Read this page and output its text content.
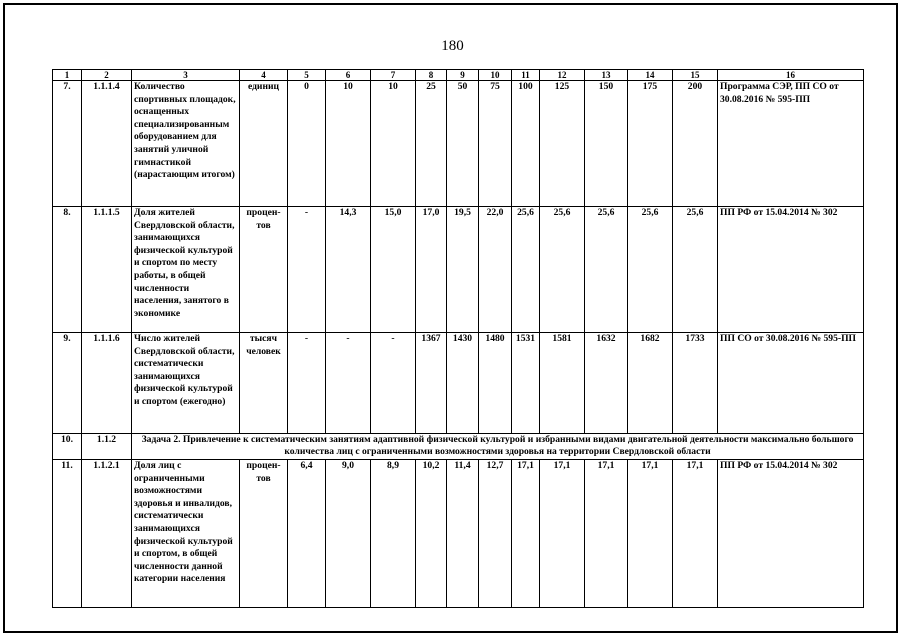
180
1	2	3	4	5	6	7	8	9	10	11	12	13	14	15	16
7.	1.1.1.4	Количество спортивных площадок, оснащенных специализированным оборудованием для занятий уличной гимнастикой (нарастающим итогом)	единиц	0	10	10	25	50	75	100	125	150	175	200	Программа СЭР, ПП СО от 30.08.2016 № 595-ПП
8.	1.1.1.5	Доля жителей Свердловской области, занимающихся физической культурой и спортом по месту работы, в общей численности населения, занятого в экономике	процен-тов	-	14,3	15,0	17,0	19,5	22,0	25,6	25,6	25,6	25,6	25,6	ПП РФ от 15.04.2014 № 302
9.	1.1.1.6	Число жителей Свердловской области, систематически занимающихся физической культурой и спортом (ежегодно)	тысяч человек	-	-	-	1367	1430	1480	1531	1581	1632	1682	1733	ПП СО от 30.08.2016 № 595-ПП
10.	1.1.2	Задача 2. Привлечение к систематическим занятиям адаптивной физической культурой и избранными видами двигательной деятельности максимально большого количества лиц с ограниченными возможностями здоровья на территории Свердловской области													
11.	1.1.2.1	Доля лиц с ограниченными возможностями здоровья и инвалидов, систематически занимающихся физической культурой и спортом, в общей численности данной категории населения	процен-тов	6,4	9,0	8,9	10,2	11,4	12,7	17,1	17,1	17,1	17,1	17,1	ПП РФ от 15.04.2014 № 302
